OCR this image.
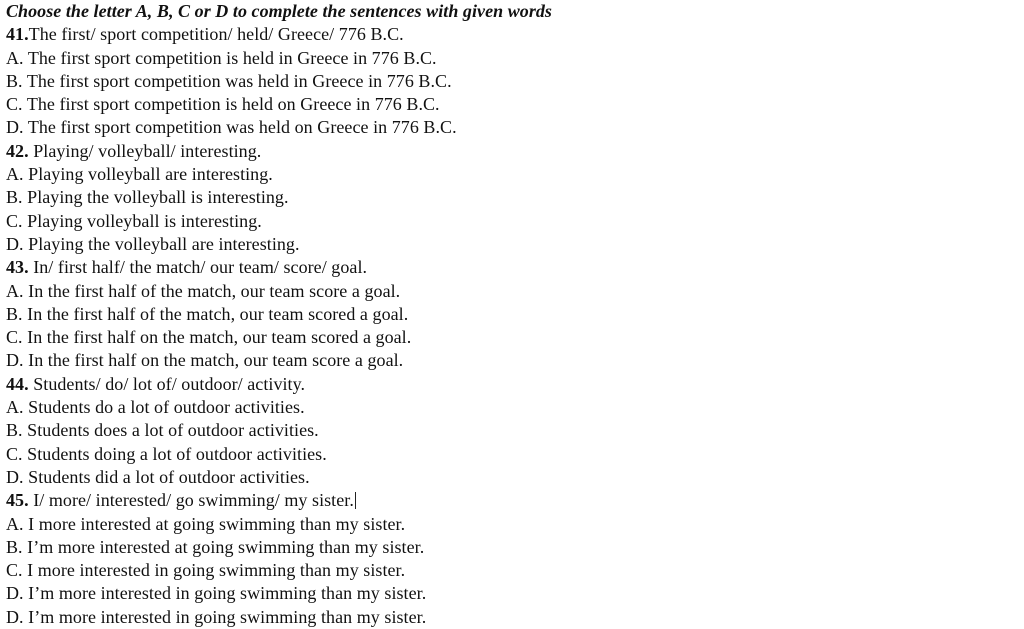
Choose the letter A, B, C or D to complete the sentences with given words
41.The first/ sport competition/ held/ Greece/ 776 B.C.
A. The first sport competition is held in Greece in 776 B.C.
B. The first sport competition was held in Greece in 776 B.C.
C. The first sport competition is held on Greece in 776 B.C.
D. The first sport competition was held on Greece in 776 B.C.
42. Playing/ volleyball/ interesting.
A. Playing volleyball are interesting.
B. Playing the volleyball is interesting.
C. Playing volleyball is interesting.
D. Playing the volleyball are interesting.
43. In/ first half/ the match/ our team/ score/ goal.
A. In the first half of the match, our team score a goal.
B. In the first half of the match, our team scored a goal.
C. In the first half on the match, our team scored a goal.
D. In the first half on the match, our team score a goal.
44. Students/ do/ lot of/ outdoor/ activity.
A. Students do a lot of outdoor activities.
B. Students does a lot of outdoor activities.
C. Students doing a lot of outdoor activities.
D. Students did a lot of outdoor activities.
45. I/ more/ interested/ go swimming/ my sister.
A. I more interested at going swimming than my sister.
B. I’m more interested at going swimming than my sister.
C. I more interested in going swimming than my sister.
D. I’m more interested in going swimming than my sister.
D. I’m more interested in going swimming than my sister.
